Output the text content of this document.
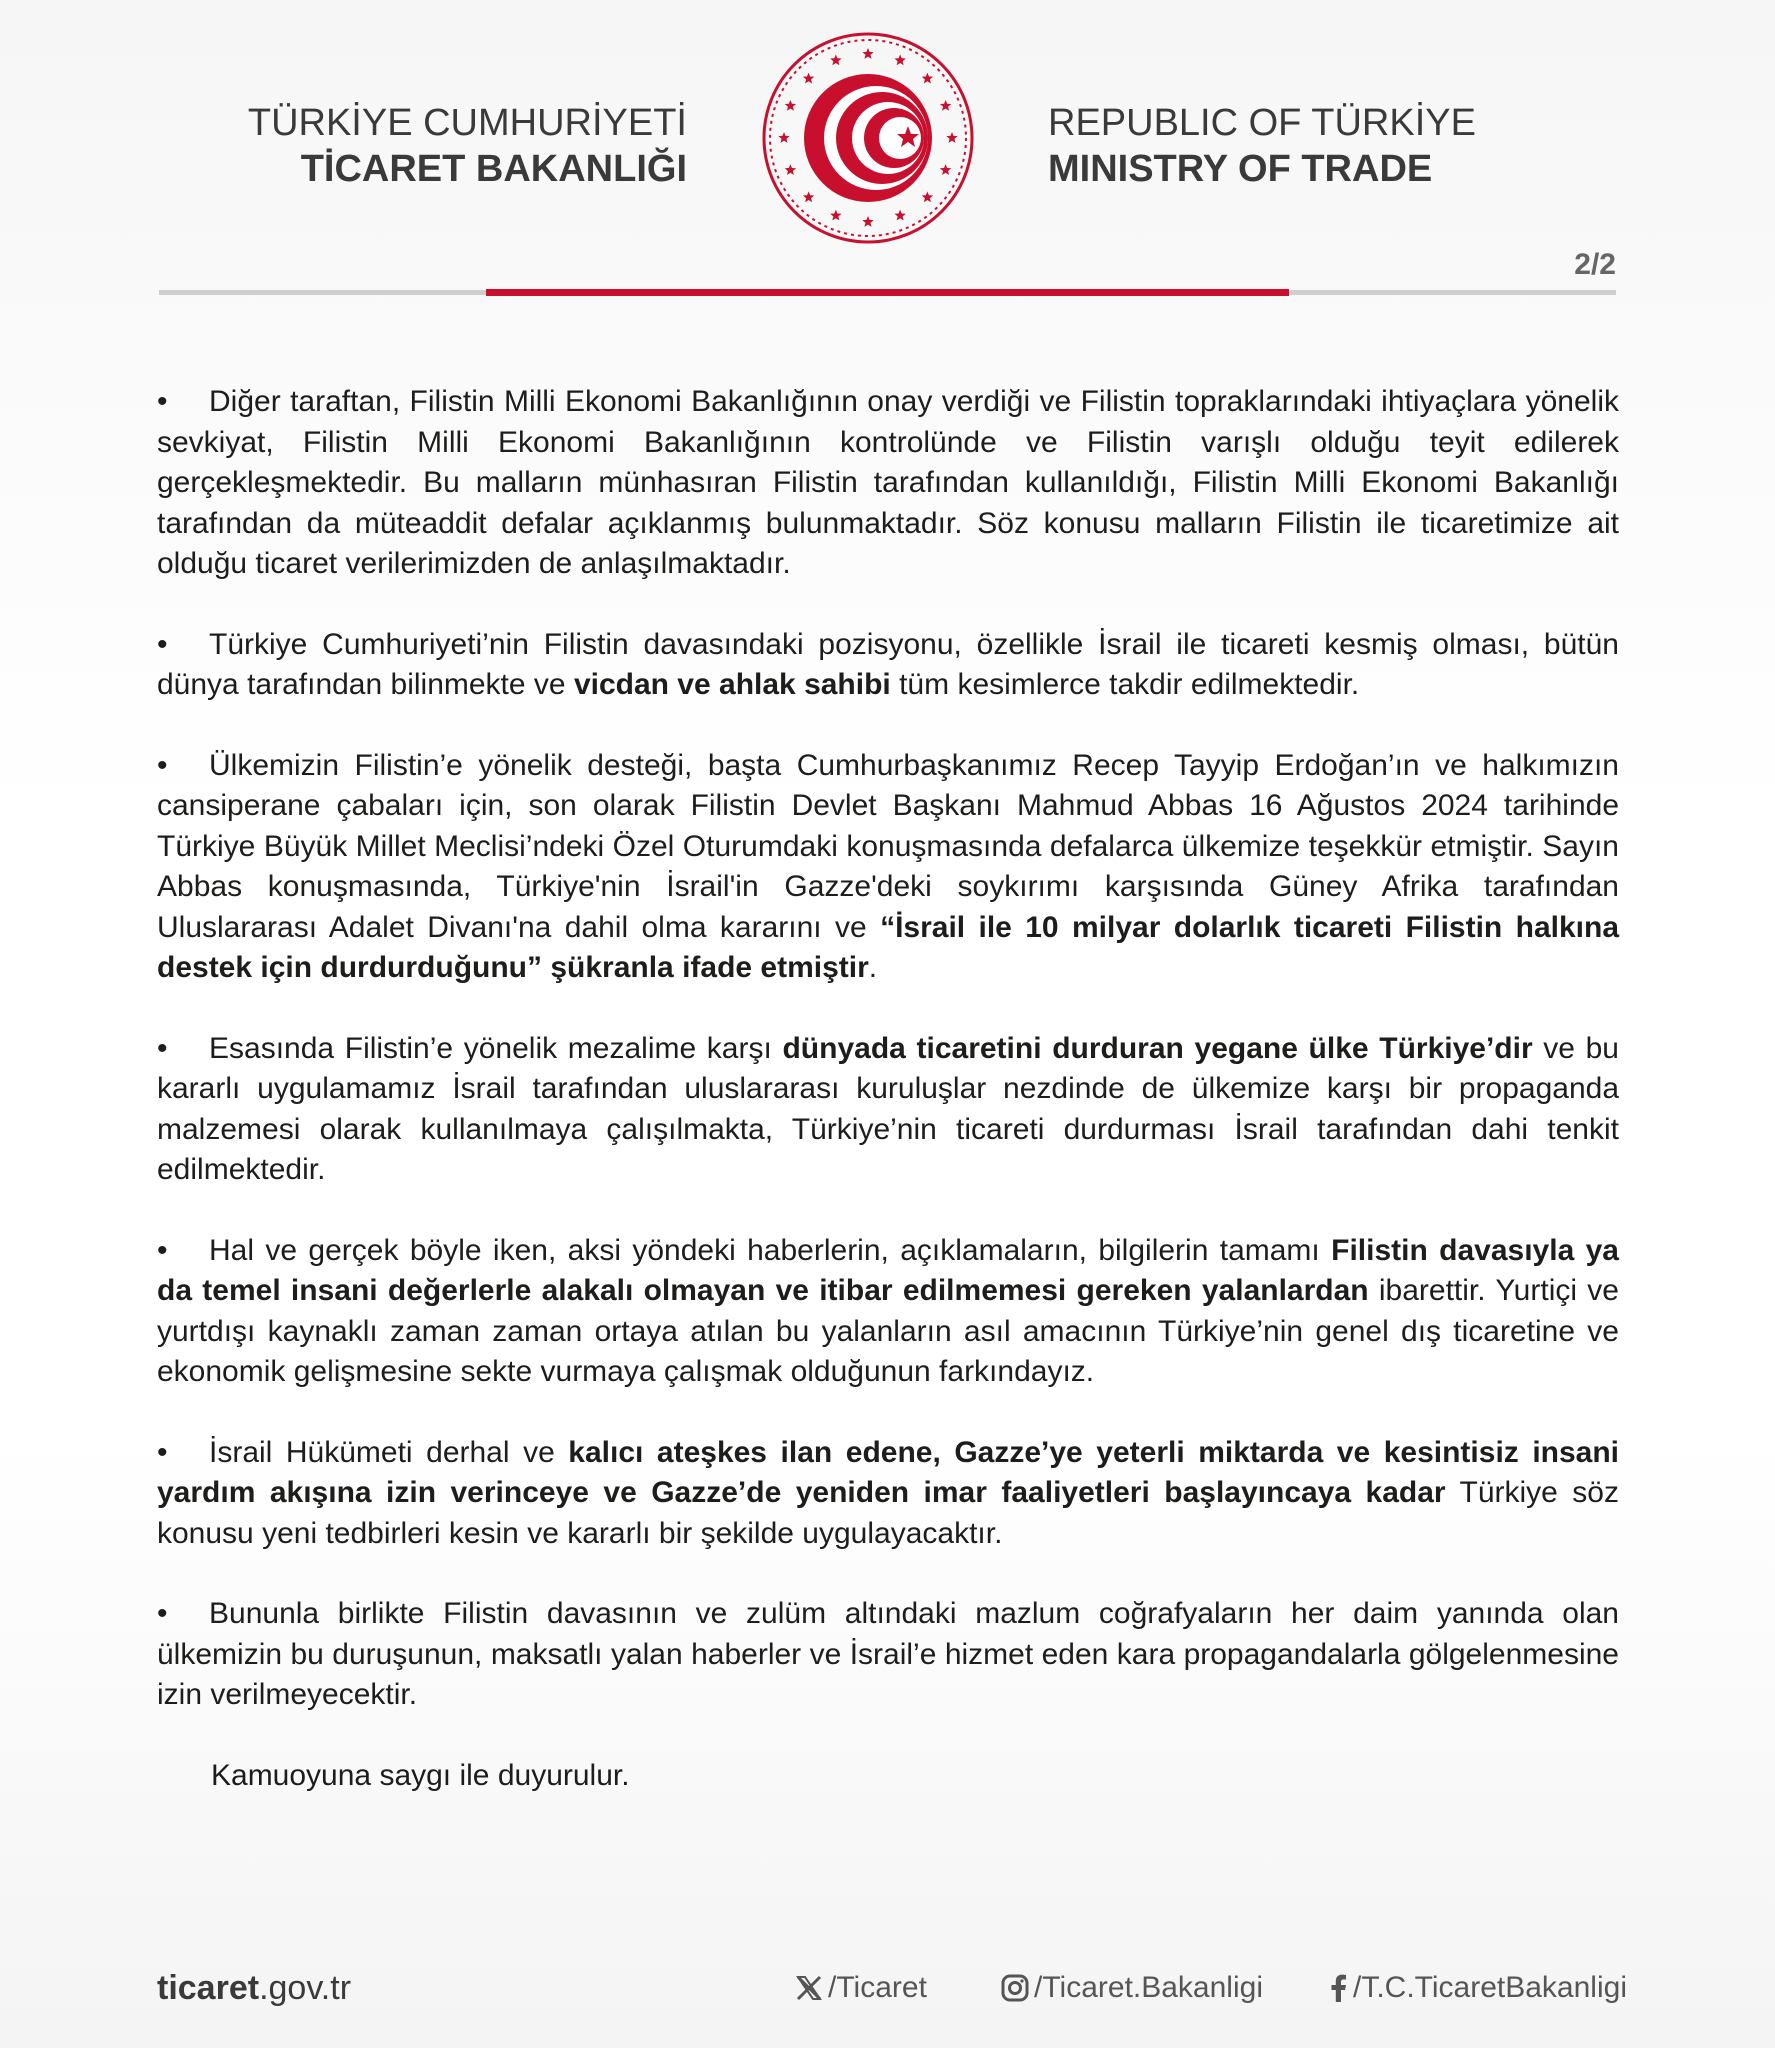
TÜRKİYE CUMHURİYETİ
TİCARET BAKANLIĞI
REPUBLIC OF TÜRKİYE
MINISTRY OF TRADE
2/2

• Diğer taraftan, Filistin Milli Ekonomi Bakanlığının onay verdiği ve Filistin topraklarındaki ihtiyaçlara yönelik sevkiyat, Filistin Milli Ekonomi Bakanlığının kontrolünde ve Filistin varışlı olduğu teyit edilerek gerçekleşmektedir. Bu malların münhasıran Filistin tarafından kullanıldığı, Filistin Milli Ekonomi Bakanlığı tarafından da müteaddit defalar açıklanmış bulunmaktadır. Söz konusu malların Filistin ile ticaretimize ait olduğu ticaret verilerimizden de anlaşılmaktadır.

• Türkiye Cumhuriyeti’nin Filistin davasındaki pozisyonu, özellikle İsrail ile ticareti kesmiş olması, bütün dünya tarafından bilinmekte ve vicdan ve ahlak sahibi tüm kesimlerce takdir edilmektedir.

• Ülkemizin Filistin’e yönelik desteği, başta Cumhurbaşkanımız Recep Tayyip Erdoğan’ın ve halkımızın cansiperane çabaları için, son olarak Filistin Devlet Başkanı Mahmud Abbas 16 Ağustos 2024 tarihinde Türkiye Büyük Millet Meclisi’ndeki Özel Oturumdaki konuşmasında defalarca ülkemize teşekkür etmiştir. Sayın Abbas konuşmasında, Türkiye'nin İsrail'in Gazze'deki soykırımı karşısında Güney Afrika tarafından Uluslararası Adalet Divanı'na dahil olma kararını ve “İsrail ile 10 milyar dolarlık ticareti Filistin halkına destek için durdurduğunu” şükranla ifade etmiştir.

• Esasında Filistin’e yönelik mezalime karşı dünyada ticaretini durduran yegane ülke Türkiye’dir ve bu kararlı uygulamamız İsrail tarafından uluslararası kuruluşlar nezdinde de ülkemize karşı bir propaganda malzemesi olarak kullanılmaya çalışılmakta, Türkiye’nin ticareti durdurması İsrail tarafından dahi tenkit edilmektedir.

• Hal ve gerçek böyle iken, aksi yöndeki haberlerin, açıklamaların, bilgilerin tamamı Filistin davasıyla ya da temel insani değerlerle alakalı olmayan ve itibar edilmemesi gereken yalanlardan ibarettir. Yurtiçi ve yurtdışı kaynaklı zaman zaman ortaya atılan bu yalanların asıl amacının Türkiye’nin genel dış ticaretine ve ekonomik gelişmesine sekte vurmaya çalışmak olduğunun farkındayız.

• İsrail Hükümeti derhal ve kalıcı ateşkes ilan edene, Gazze’ye yeterli miktarda ve kesintisiz insani yardım akışına izin verinceye ve Gazze’de yeniden imar faaliyetleri başlayıncaya kadar Türkiye söz konusu yeni tedbirleri kesin ve kararlı bir şekilde uygulayacaktır.

• Bununla birlikte Filistin davasının ve zulüm altındaki mazlum coğrafyaların her daim yanında olan ülkemizin bu duruşunun, maksatlı yalan haberler ve İsrail’e hizmet eden kara propagandalarla gölgelenmesine izin verilmeyecektir.

Kamuoyuna saygı ile duyurulur.

ticaret.gov.tr	/Ticaret	/Ticaret.Bakanligi	/T.C.TicaretBakanligi
